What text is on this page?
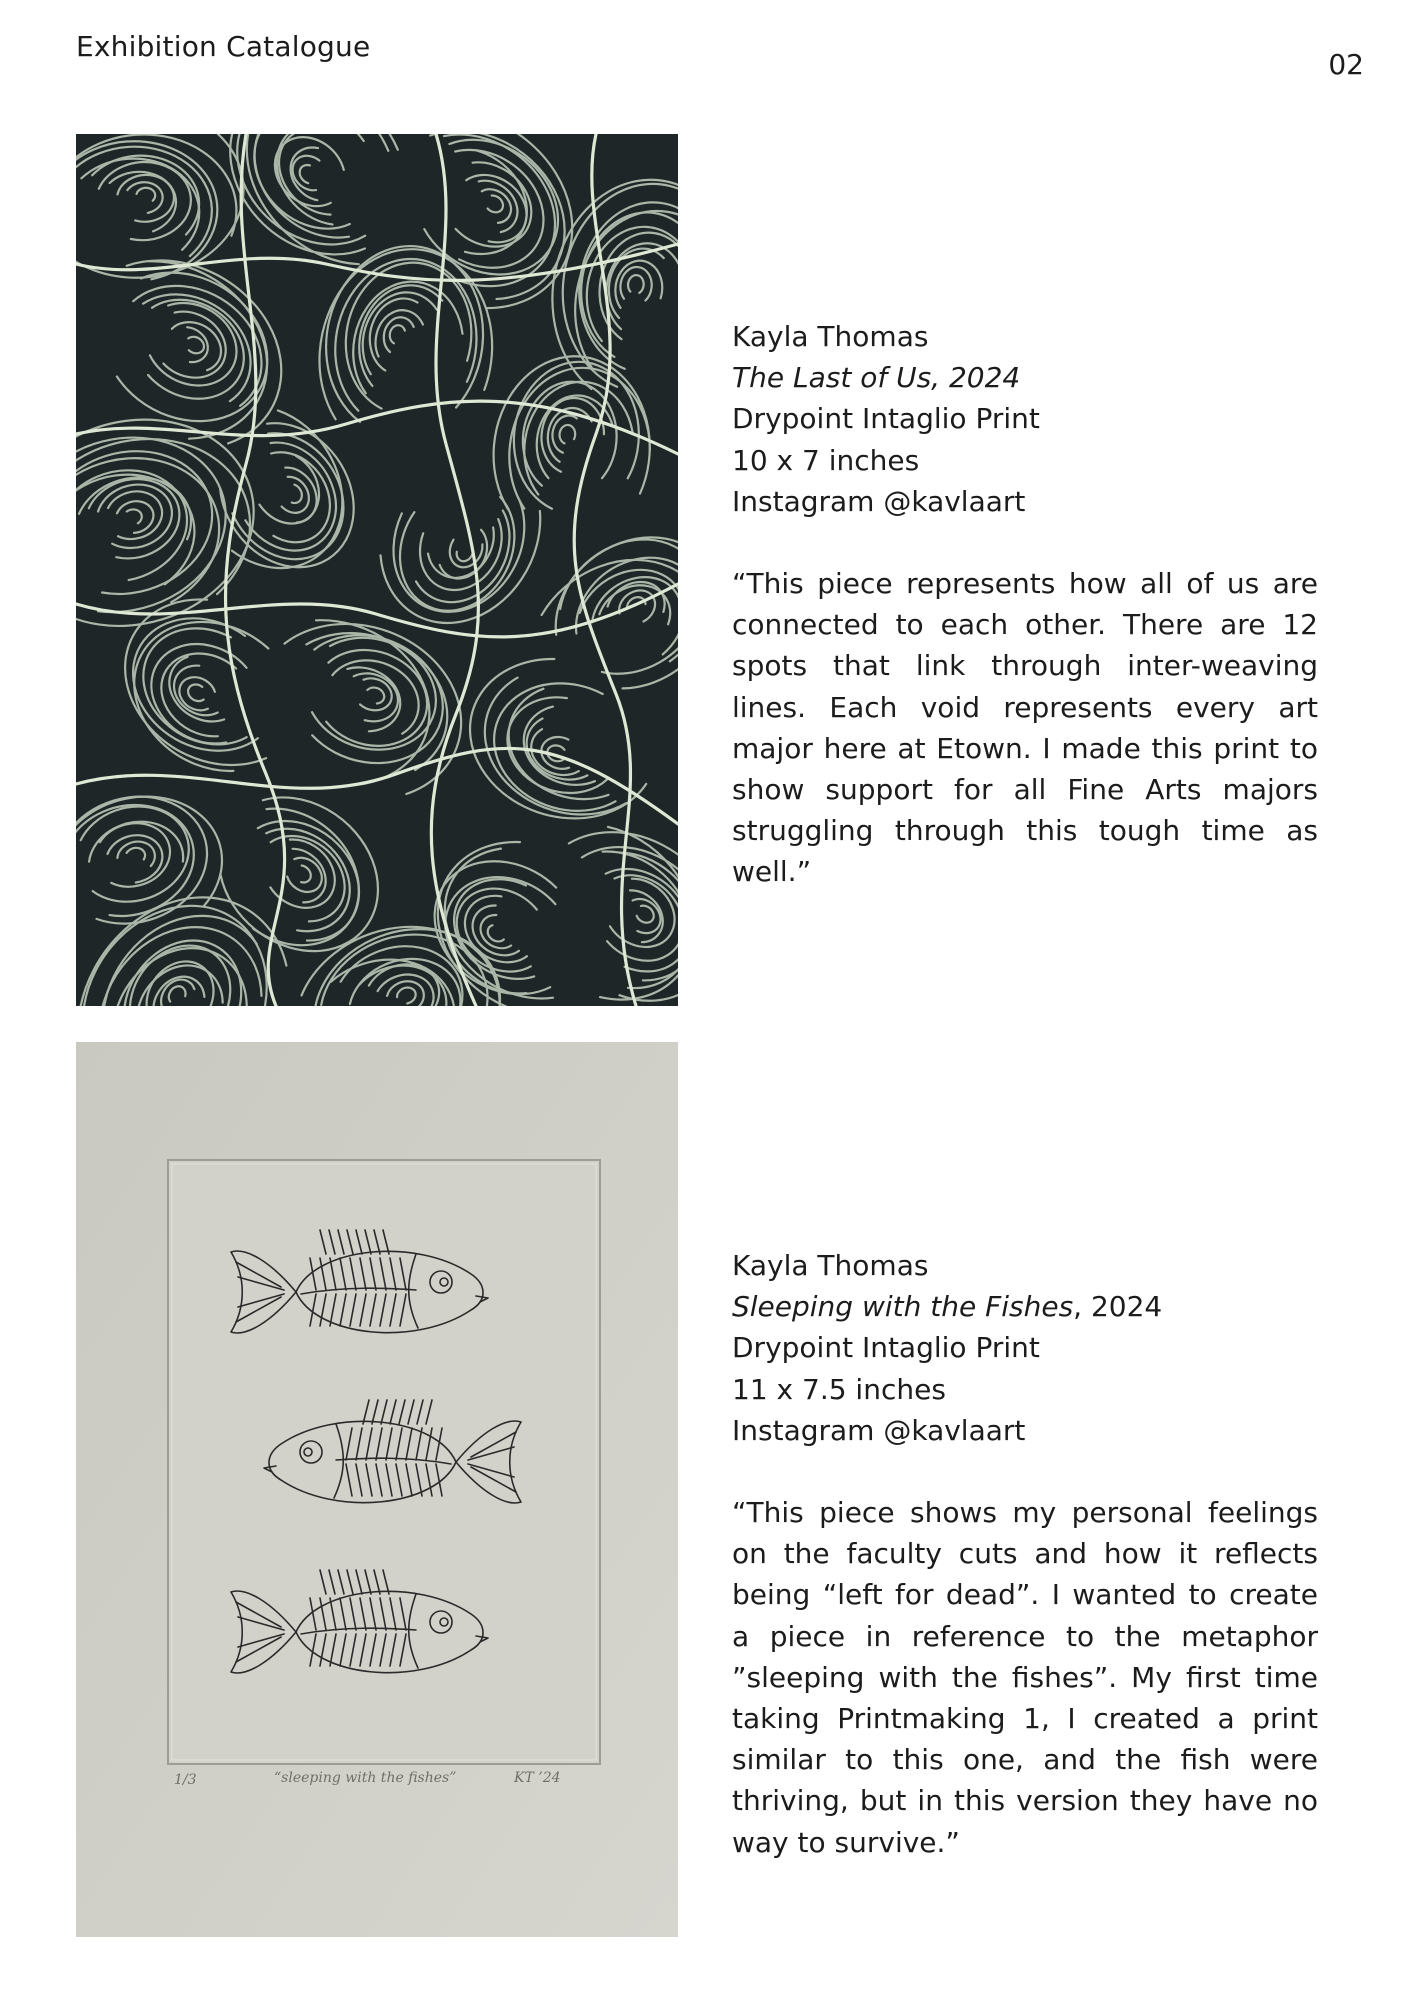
Exhibition Catalogue
02
Kayla Thomas
The Last of Us, 2024
Drypoint Intaglio Print
10 x 7 inches
Instagram @kavlaart
“This piece represents how all of us are connected to each other. There are 12 spots that link through inter-weaving lines. Each void represents every art major here at Etown. I made this print to show support for all Fine Arts majors struggling through this tough time as well.”
1/3	“sleeping with the fishes”	KT ’24
Kayla Thomas
Sleeping with the Fishes, 2024
Drypoint Intaglio Print
11 x 7.5 inches
Instagram @kavlaart
“This piece shows my personal feelings on the faculty cuts and how it reflects being “left for dead”. I wanted to create a piece in reference to the metaphor ”sleeping with the fishes”. My first time taking Printmaking 1, I created a print similar to this one, and the fish were thriving, but in this version they have no way to survive.”
